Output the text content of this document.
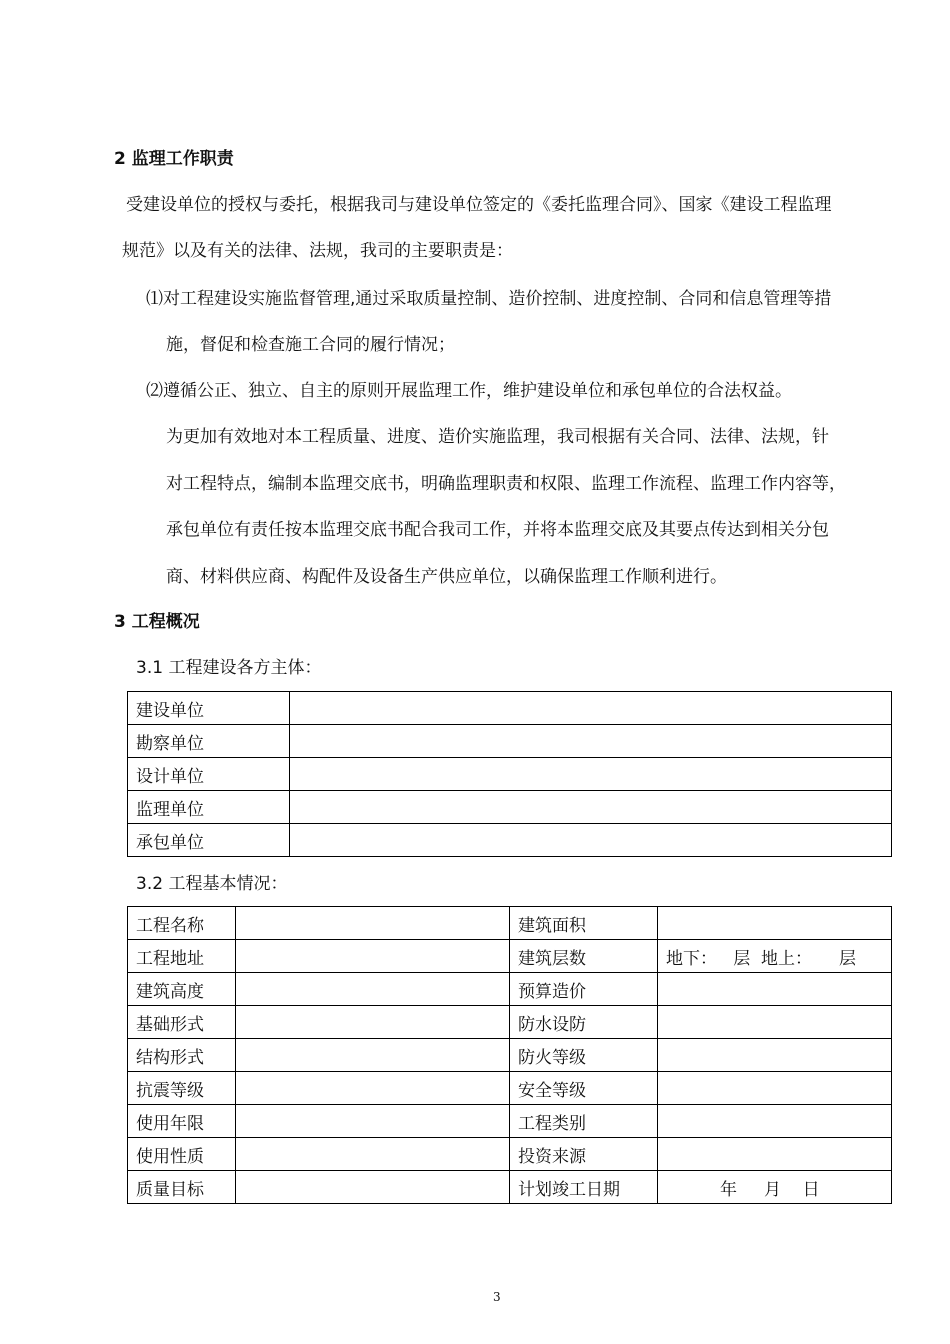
2 监理工作职责
受建设单位的授权与委托，根据我司与建设单位签定的《委托监理合同》、国家《建设工程监理
规范》以及有关的法律、法规，我司的主要职责是：
⑴对工程建设实施监督管理,通过采取质量控制、造价控制、进度控制、合同和信息管理等措
施，督促和检查施工合同的履行情况；
⑵遵循公正、独立、自主的原则开展监理工作，维护建设单位和承包单位的合法权益。
为更加有效地对本工程质量、进度、造价实施监理，我司根据有关合同、法律、法规，针
对工程特点，编制本监理交底书，明确监理职责和权限、监理工作流程、监理工作内容等，
承包单位有责任按本监理交底书配合我司工作，并将本监理交底及其要点传达到相关分包
商、材料供应商、构配件及设备生产供应单位，以确保监理工作顺利进行。
3 工程概况
3.1 工程建设各方主体：
建设单位	
勘察单位	
设计单位	
监理单位	
承包单位	
3.2 工程基本情况：
工程名称		建筑面积	
工程地址		建筑层数	地下：   层  地上：     层
建筑高度		预算造价	
基础形式		防水设防	
结构形式		防火等级	
抗震等级		安全等级	
使用年限		工程类别	
使用性质		投资来源	
质量目标		计划竣工日期	年     月    日
3
